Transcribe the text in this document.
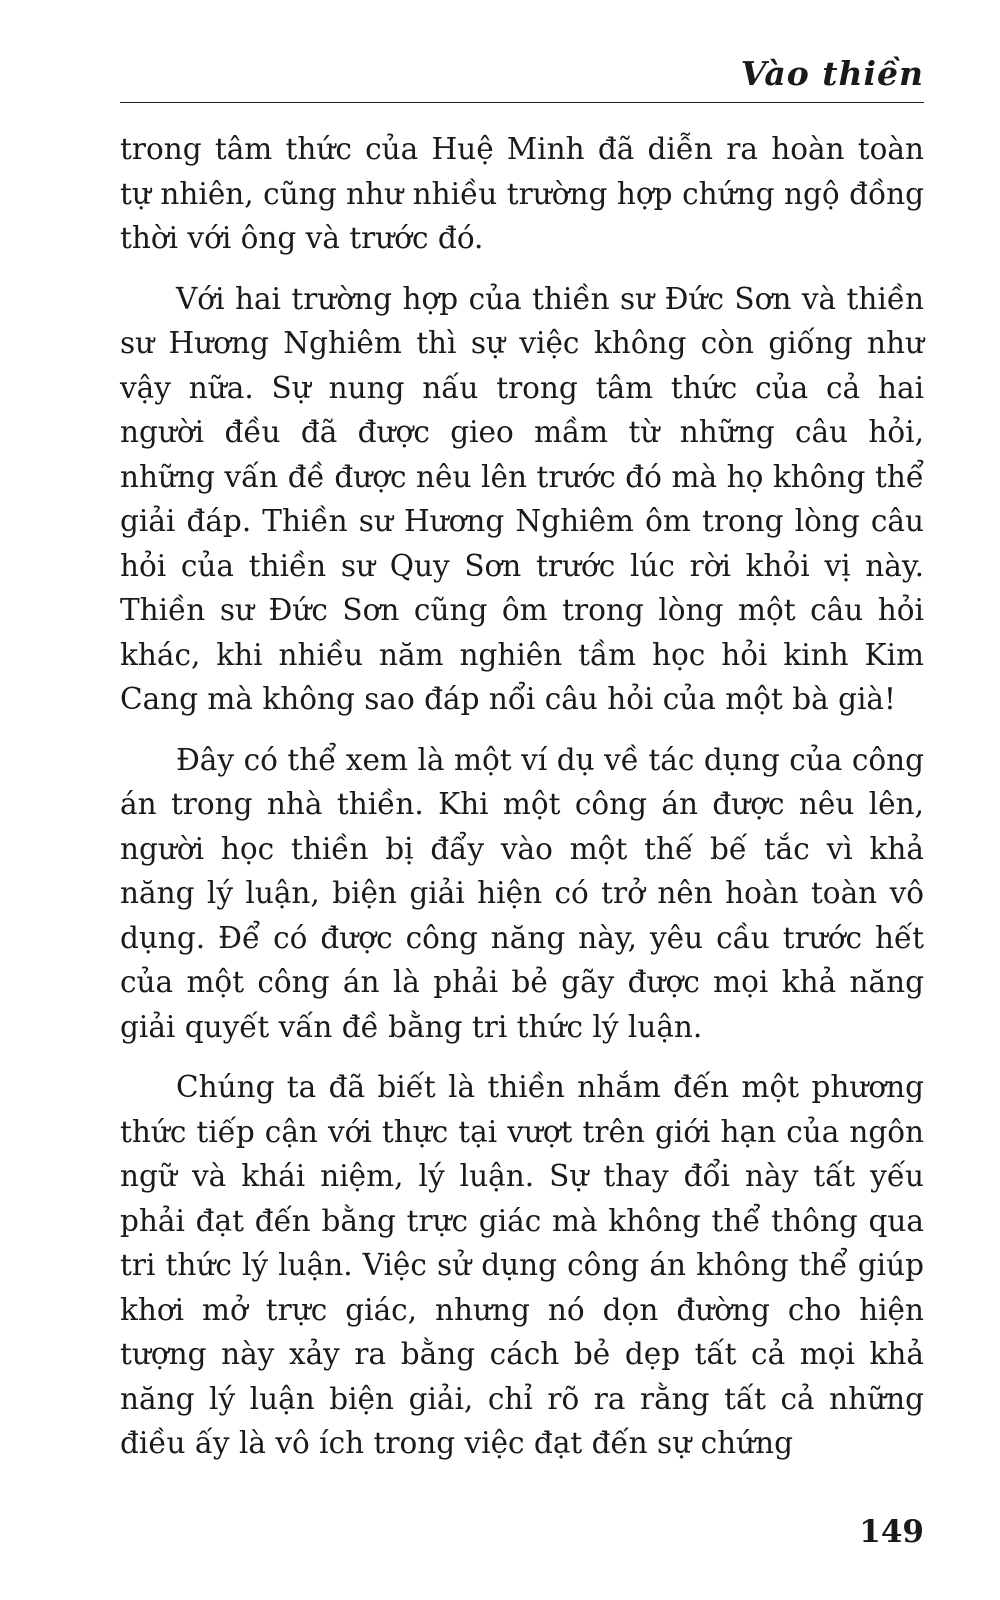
Vào thiền

trong tâm thức của Huệ Minh đã diễn ra hoàn toàn tự nhiên, cũng như nhiều trường hợp chứng ngộ đồng thời với ông và trước đó.

Với hai trường hợp của thiền sư Đức Sơn và thiền sư Hương Nghiêm thì sự việc không còn giống như vậy nữa. Sự nung nấu trong tâm thức của cả hai người đều đã được gieo mầm từ những câu hỏi, những vấn đề được nêu lên trước đó mà họ không thể giải đáp. Thiền sư Hương Nghiêm ôm trong lòng câu hỏi của thiền sư Quy Sơn trước lúc rời khỏi vị này. Thiền sư Đức Sơn cũng ôm trong lòng một câu hỏi khác, khi nhiều năm nghiên tầm học hỏi kinh Kim Cang mà không sao đáp nổi câu hỏi của một bà già!

Đây có thể xem là một ví dụ về tác dụng của công án trong nhà thiền. Khi một công án được nêu lên, người học thiền bị đẩy vào một thế bế tắc vì khả năng lý luận, biện giải hiện có trở nên hoàn toàn vô dụng. Để có được công năng này, yêu cầu trước hết của một công án là phải bẻ gãy được mọi khả năng giải quyết vấn đề bằng tri thức lý luận.

Chúng ta đã biết là thiền nhắm đến một phương thức tiếp cận với thực tại vượt trên giới hạn của ngôn ngữ và khái niệm, lý luận. Sự thay đổi này tất yếu phải đạt đến bằng trực giác mà không thể thông qua tri thức lý luận. Việc sử dụng công án không thể giúp khơi mở trực giác, nhưng nó dọn đường cho hiện tượng này xảy ra bằng cách bẻ dẹp tất cả mọi khả năng lý luận biện giải, chỉ rõ ra rằng tất cả những điều ấy là vô ích trong việc đạt đến sự chứng

149
